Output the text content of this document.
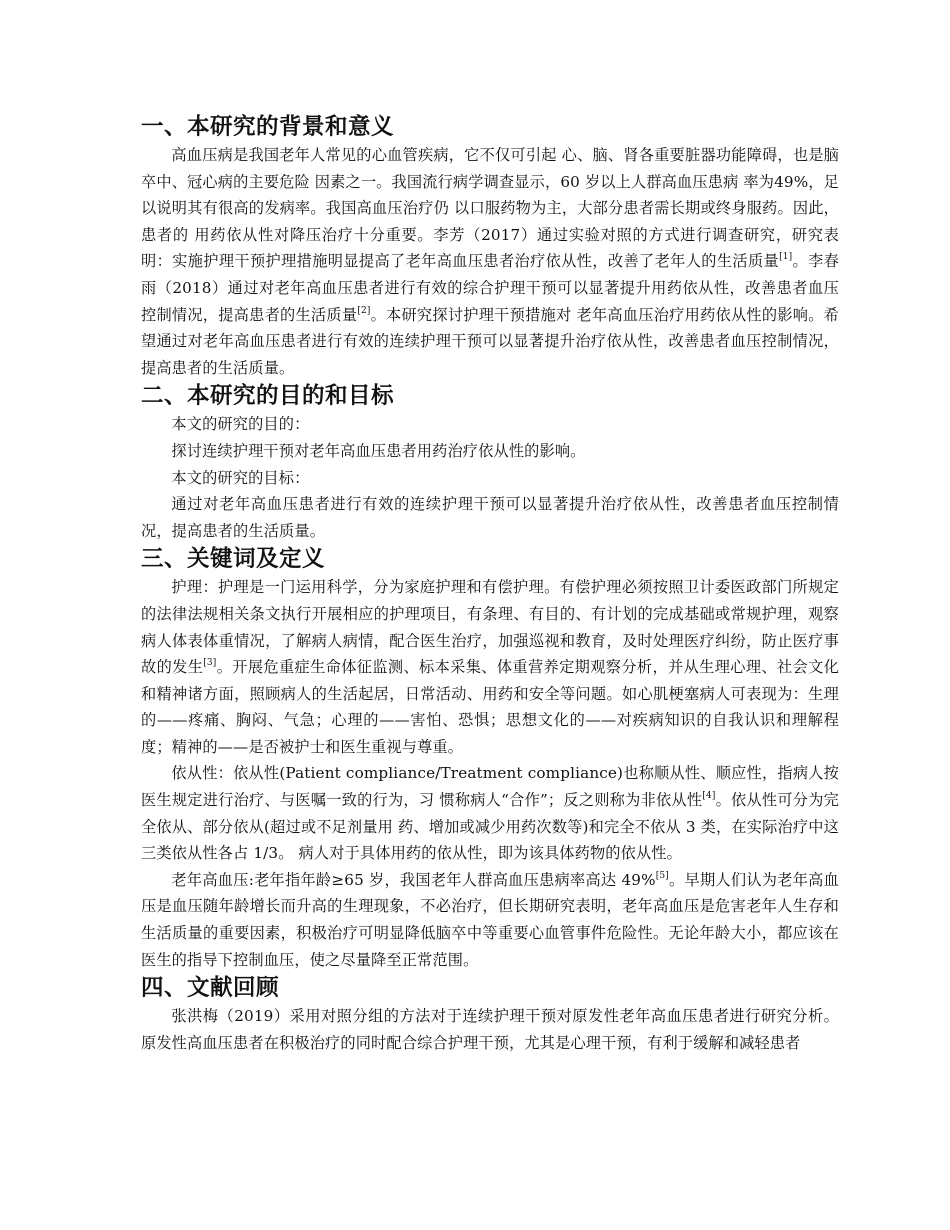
一、本研究的背景和意义

高血压病是我国老年人常见的心血管疾病，它不仅可引起 心、脑、肾各重要脏器功能障碍，也是脑卒中、冠心病的主要危险 因素之一。我国流行病学调查显示，60 岁以上人群高血压患病 率为49%，足以说明其有很高的发病率。我国高血压治疗仍 以口服药物为主，大部分患者需长期或终身服药。因此，患者的 用药依从性对降压治疗十分重要。李芳（2017）通过实验对照的方式进行调查研究，研究表明：实施护理干预护理措施明显提高了老年高血压患者治疗依从性，改善了老年人的生活质量[1]。李春雨（2018）通过对老年高血压患者进行有效的综合护理干预可以显著提升用药依从性，改善患者血压控制情况，提高患者的生活质量[2]。本研究探讨护理干预措施对 老年高血压治疗用药依从性的影响。希望通过对老年高血压患者进行有效的连续护理干预可以显著提升治疗依从性，改善患者血压控制情况，提高患者的生活质量。

二、本研究的目的和目标

本文的研究的目的：

探讨连续护理干预对老年高血压患者用药治疗依从性的影响。

本文的研究的目标：

通过对老年高血压患者进行有效的连续护理干预可以显著提升治疗依从性，改善患者血压控制情况，提高患者的生活质量。

三、关键词及定义

护理：护理是一门运用科学，分为家庭护理和有偿护理。有偿护理必须按照卫计委医政部门所规定的法律法规相关条文执行开展相应的护理项目，有条理、有目的、有计划的完成基础或常规护理，观察病人体表体重情况，了解病人病情，配合医生治疗，加强巡视和教育，及时处理医疗纠纷，防止医疗事故的发生[3]。开展危重症生命体征监测、标本采集、体重营养定期观察分析，并从生理心理、社会文化和精神诸方面，照顾病人的生活起居，日常活动、用药和安全等问题。如心肌梗塞病人可表现为：生理的——疼痛、胸闷、气急；心理的——害怕、恐惧；思想文化的——对疾病知识的自我认识和理解程度；精神的——是否被护士和医生重视与尊重。

依从性：依从性(Patient compliance/Treatment compliance)也称顺从性、顺应性，指病人按医生规定进行治疗、与医嘱一致的行为，习 惯称病人“合作”；反之则称为非依从性[4]。依从性可分为完全依从、部分依从(超过或不足剂量用 药、增加或减少用药次数等)和完全不依从 3 类，在实际治疗中这三类依从性各占 1/3。 病人对于具体用药的依从性，即为该具体药物的依从性。

老年高血压:老年指年龄≥65 岁，我国老年人群高血压患病率高达 49%[5]。早期人们认为老年高血压是血压随年龄增长而升高的生理现象，不必治疗，但长期研究表明，老年高血压是危害老年人生存和生活质量的重要因素，积极治疗可明显降低脑卒中等重要心血管事件危险性。无论年龄大小，都应该在医生的指导下控制血压，使之尽量降至正常范围。

四、文献回顾

张洪梅（2019）采用对照分组的方法对于连续护理干预对原发性老年高血压患者进行研究分析。原发性高血压患者在积极治疗的同时配合综合护理干预，尤其是心理干预，有利于缓解和减轻患者
